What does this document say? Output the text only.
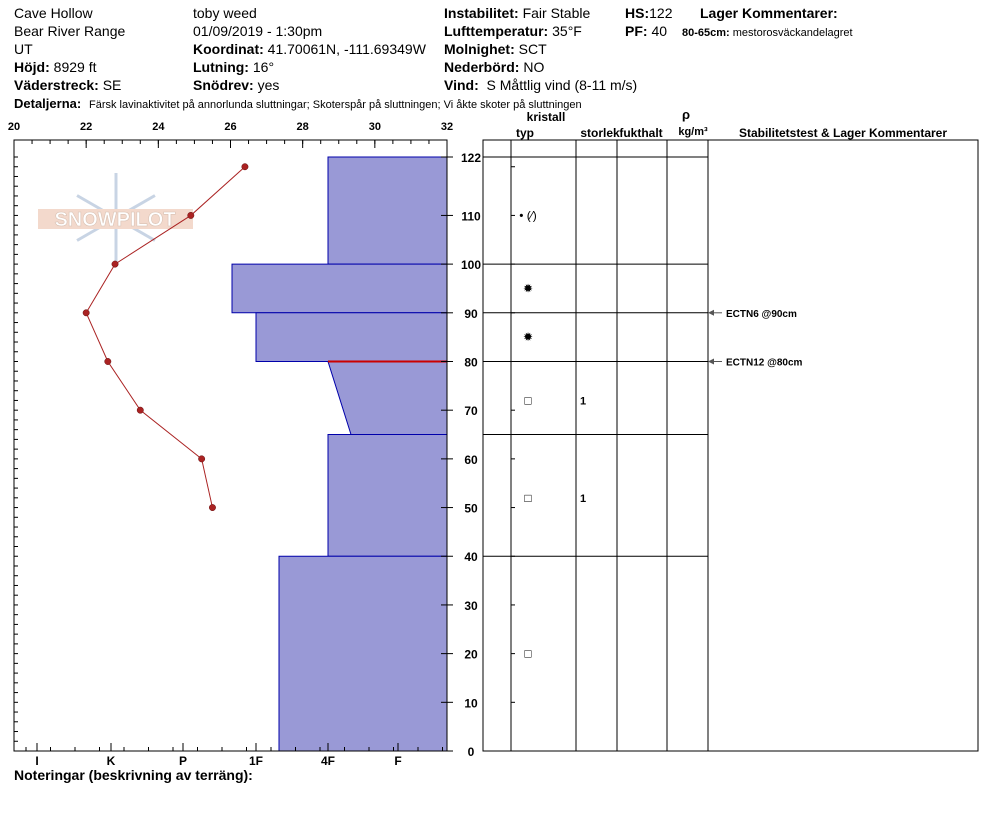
Cave Hollow
Bear River Range
UT
Höjd: 8929 ft
Väderstreck: SE
toby weed
01/09/2019 - 1:30pm
Koordinat: 41.70061N, -111.69349W
Lutning: 16°
Snödrev: yes
Instabilitet: Fair Stable
Lufttemperatur: 35°F
Molnighet: SCT
Nederbörd: NO
Vind: S Måttlig vind (8-11 m/s)
HS:122
PF: 40
Lager Kommentarer:
80-65cm: mestorosväckandelagret
Detaljerna: Färsk lavinaktivitet på annorlunda sluttningar; Skoterspår på sluttningen; Vi åkte skoter på sluttningen
Noteringar (beskrivning av terräng):
SNOWPILOT
20	22	24	26	28	30	32
I	K	P	1F	4F	F
0
10
20
30
40
50
60
70
80
90
100
110
122
kristall
typ	storlek fukthalt
ρ
kg/m³	Stabilitetstest & Lager Kommentarer
• (⁄)
✹
✹
□	1
□	1
□
ECTN6 @90cm
ECTN12 @80cm
